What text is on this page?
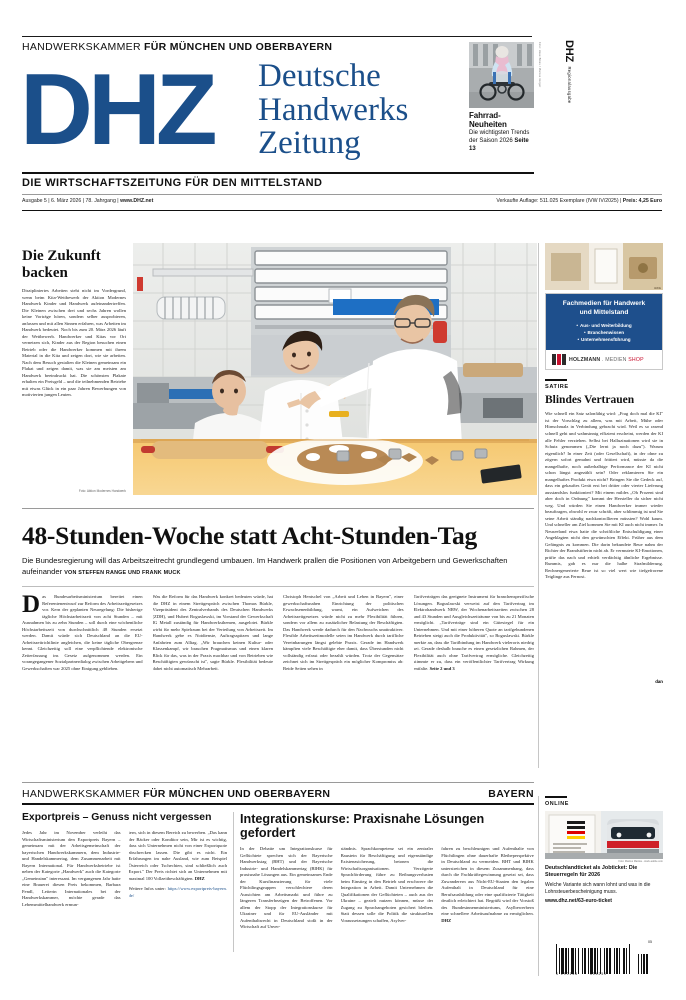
HANDWERKSKAMMER FÜR MÜNCHEN UND OBERBAYERN
DHZ Deutsche
Handwerks
Zeitung
Foto: Hase Bikes / Marcus Gloger
Fahrrad-Neuheiten
Die wichtigsten Trends der Saison 2026 Seite 13
DHZ Regionalausgabe
DIE WIRTSCHAFTSZEITUNG FÜR DEN MITTELSTAND
Ausgabe 5 | 6. März 2026 | 78. Jahrgang | www.DHZ.net	Verkaufte Auflage: 511.025 Exemplare (IVW IV/2025) | Preis: 4,25 Euro
Die Zukunft backen
Diszipliniertes Arbeiten steht nicht im Vordergrund, wenn beim Kita-Wettbewerb der Aktion Modernes Handwerk Kinder und Handwerk aufeinandertreffen. Die Kleinen zwischen drei und sechs Jahren wollen keine Vorträge hören, sondern selber ausprobieren, anfassen und mit allen Sinnen erfahren, was Arbeiten im Handwerk bedeutet. Noch bis zum 20. März 2026 läuft der Wettbewerb. Handwerker und Kitas vor Ort vernetzen sich, Kinder aus der Region besuchen einen Betrieb oder die Handwerker kommen mit ihrem Material in die Kita und zeigen dort, wie sie arbeiten. Nach dem Besuch gestalten die Kleinen gemeinsam ein Plakat und zeigen damit, was sie am meisten am Handwerk beeindruckt hat. Die schönsten Plakate erhalten ein Preisgeld – und die teilnehmenden Betriebe mit etwas Glück in ein paar Jahren Bewerbungen von motivierten jungen Leuten.
Foto: Aktion Modernes Handwerk
AMOE
Fachmedien für Handwerk
und Mittelstand
• Aus- und Weiterbildung
• Branchenwissen
• Unternehmensführung
HOLZMANN . MEDIEN SHOP
SATIRE
Blindes Vertrauen
Wie schnell ein Satz salonfähig wird: „Frag doch mal die KI" ist der Vorschlag zu allem, was mit Arbeit, Mühe oder Hirnschmalz in Verbindung gebracht wird. Weil es so rasend schnell geht und wahnsinnig effizient erscheint, werden der KI alle Fehler verziehen. Selbst bei Halluzinationen wird sie in Schutz genommen („Die lernt ja noch dazu"). Warum eigentlich? In einer Zeit (oder Gesellschaft), in der ohne zu zögern sofort gemahnt und frittiert wird, müsste da die mangelhafte, noch außerhalbige Performance der KI nicht schon längst angezählt sein? Oder reklamieren Sie ein mangelhaftes Produkt etwa nicht? Bringen Sie die Gedeck auf, dass ein gekauftes Gerät erst bei dritter oder vierter Lieferung ausstandslos funktioniert? Mit einem mildes „Oh Prozent sind aber doch in Ordnung" kommt der Hersteller da sicher nicht weg. Und würden Sie einen Handwerker immer wieder beauftragen, obwohl er zwar schräft, aber schlimmig ist und Sie seine Arbeit ständig nachkontrollieren müssten? Wohl kaum. Und schneller am Ziel kommen Sie mit KI auch nicht immer. In Neuseeland etwa hatte die schriftliche Entschuldigung einer Angeklagten nicht den gewünschten Effekt. Früher aus dem Gefängnis zu kommen. Die darin bekundete Reue nahm der Richter der Brandstifterin nicht ab. Er vermutete KI-Emotionen, prüfte das nach und erhielt verdächtig ähnliche Ergebnisse. Rummis, gab es nur die halbe Strafmilderung. Rechnergenerierte Reue ist so viel wert wie tiefgefrorene Teiglinge aus Fernost.
dan
48-Stunden-Woche statt Acht-Stunden-Tag
Die Bundesregierung will das Arbeitszeitrecht grundlegend umbauen. Im Handwerk prallen die Positionen von Arbeitgebern und Gewerkschaften aufeinander VON STEFFEN RANGE UND FRANK MUCK
Das Bundesarbeitsministerium bereitet einen Referentenentwurf zur Reform des Arbeitszeitgesetzes vor. Kern der geplanten Neuregelung: Die bisherige tägliche Höchstarbeitszeit von acht Stunden – mit Ausnahmen bis zu zehn Stunden – soll durch eine wöchentliche Höchstarbeitszeit von durchschnittlich 48 Stunden ersetzt werden. Damit würde sich Deutschland an die EU-Arbeitszeitrichtlinie angleichen, die keine tägliche Obergrenze kennt. Gleichzeitig soll eine verpflichtende elektronische Zeiterfassung ins Gesetz aufgenommen werden. Ein vorangegangener Sozialpartnerdialog zwischen Arbeitgebern und Gewerkschaften war 2025 ohne Einigung geblieben.
Was die Reform für das Handwerk konkret bedeuten würde, hat die DHZ in einem Streitgespräch zwischen Thomas Bürkle, Vizepräsident des Zentralverbands des Deutschen Handwerks (ZDH), und Hubert Boguslawski, im Vorstand der Gewerkschaft IG Metall zuständig für Handwerksthemen, ausgelotet. Bürkle wirbt für mehr Spielraum bei der Verteilung von Arbeitszeit. Im Handwerk gebe es Notdienste, Auftragsspitzen und lange Anfahrten zum Alltag. „Wir brauchen keinen Kultur- oder Klassenkampf, wir brauchen Pragmatismus und einen klaren Blick für das, was in der Praxis machbar und von Betrieben wie Beschäftigten gewünscht ist", sagte Bürkle. Flexibilität bedeute dabei nicht automatisch Mehrarbeit.
Christoph Hentschel von „Arbeit und Leben in Bayern", einer gewerkschaftsnahen Einrichtung der politischen Erwachsenenbildung, warnt, ein Aufweichen des Arbeitszeitgesetzes würde nicht zu mehr Flexibilität führen, sondern vor allem zu zusätzlicher Belastung der Beschäftigten. Das Handwerk werde dadurch für den Nachwuchs unattraktiver. Flexible Arbeitszeitmodelle seien im Handwerk durch tarifliche Vereinbarungen längst gelebte Praxis. Gerade im Handwerk kämpften viele Beschäftigte eher damit, dass Überstunden nicht vollständig erfasst oder bezahlt würden. Trotz der Gegensätze zeichnet sich im Streitgespräch ein möglicher Kompromiss ab: Beide Seiten sehen in
Tarifverträgen das geeignete Instrument für branchenspezifische Lösungen. Boguslawski verweist auf den Tarifvertrag im Elektrohandwerk NRW, der Wochenarbeitszeiten zwischen 28 und 43 Stunden und Ausgleichszeiträume von bis zu 21 Monaten ermöglicht. „Tarifverträge sind ein Gütesiegel für ein Unternehmen. Und mit einer höheren Quote an tarifgebundenen Betrieben steigt auch die Produktivität", so Boguslawski. Bürkle merkte an, dass die Tarifbindung im Handwerk vielerorts niedrig sei. Gerade deshalb brauche es einen gesetzlichen Rahmen, der Flexibilität auch ohne Tarifvertrag ermögliche. Gleichzeitig stimmte er zu, dass ein veröffentlichter Tarifvertrag Wirkung entfalte. Seite 2 und 3
HANDWERKSKAMMER FÜR MÜNCHEN UND OBERBAYERN	BAYERN
Exportpreis – Genuss nicht vergessen
Jedes Jahr im November verleiht das Wirtschaftsministerium den Exportpreis Bayern – gemeinsam mit der Arbeitsgemeinschaft der bayerischen Handwerkskammern, dem Industrie- und Handelskammertag, dem Zusammenarbeit mit Bayern International. Für Handwerksbetriebe ist neben der Kategorie „Handwerk" auch die Kategorie „Gemeinsinn" interessant. Im vergangenen Jahr hatte eine Brauerei diesen Preis bekommen, Barbara Fendl, Leiterin Internationales bei der Handwerkskammer, möchte gerade das Lebensmittelhandwerk ermun-
tern, sich in diesem Bereich zu bewerben. „Das kann der Bäcker oder Konditor sein, Mir ist es wichtig, dass sich Unternehmen nicht von einer Exportquote abschrecken lassen. Die gibt es nicht. Ein Erfahrungen im nahe Ausland, wie zum Beispiel Österreich oder Tschechien, sind schließlich auch Export." Der Preis richtet sich an Unternehmen mit maximal 100 Vollzeitbeschäftigten. DHZ
Weitere Infos unter: https://www.exportpreis-bayern.de/
Integrationskurse: Praxisnahe Lösungen gefordert
In der Debatte um Integrationskurse für Geflüchtete sprechen sich der Bayerische Handwerkstag (BHT) und der Bayerische Industrie- und Handelskammertag (BIHK) für praxisnahe Lösungen aus. Ein gemeinsames Ende der Kursfinanzierung für viele Flüchtlingsgruppen verschlechtere deren Aussichten am Arbeitsmarkt und führe zu längeren Transferbezügen der Betroffenen. Vor allem der Stopp der Integrationskurse für Ukrainer und für EU-Ausländer mit Aufenthaltsrecht in Deutschland stoßt in der Wirtschaft auf Unver-
ständnis. Sprachkompetenz sei ein zentraler Baustein für Beschäftigung und eigenständige Existenzsicherung, betonen die Wirtschaftsorganisationen. Verzögerte Sprachförderung führe zu Reibungsverlusten beim Einstieg in den Betrieb und erschwere die Integration in Arbeit. Damit Unternehmen die Qualifikationen der Geflüchteten – auch aus der Ukraine – gezielt nutzen können, müsse der Zugang zu Sprachangeboten gesichert bleiben. Statt dessen solle die Politik die strukturellen Voraussetzungen schaffen, Asylver-
fahren zu beschleunigen und Aufenthalte von Flüchtlingen ohne dauerhafte Bleibeperspektive in Deutschland zu vermeiden. BHT und BIHK unterstreichen in diesem Zusammenhang, dass durch die Fachkräftegewinnung gesetzt sei, dass Zuwanderern aus Nicht-EU-Staaten den legalen Aufenthalt in Deutschland für eine Berufsausbildung oder eine qualifizierte Tätigkeit deutlich erleichtert hat. Begrüßt wird der Vorstoß des Bundesinnenministeriums, Asylbewerbern eine schnellere Arbeitsaufnahme zu ermöglichen. DHZ
ONLINE
Foto: Markus Mainka - stock.adobe.com
Deutschlandticket als Jobticket: Die Steuerregeln für 2026
Welche Variante sich wann lohnt und was in die Lohnsteuerbescheinigung muss.
www.dhz.net/63-euro-ticket
4 190158	304250
05
